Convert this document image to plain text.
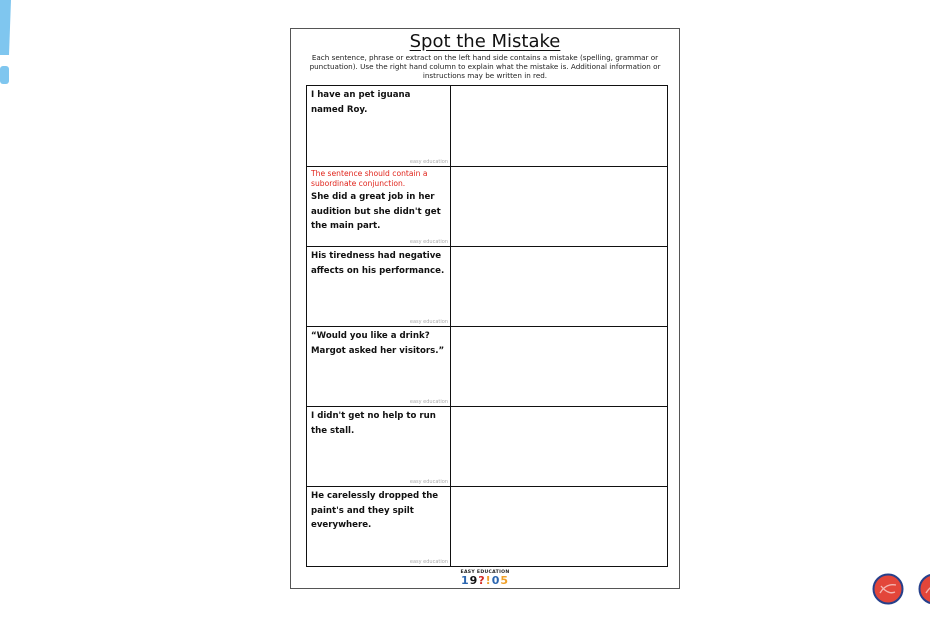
Spot the Mistake
Each sentence, phrase or extract on the left hand side contains a mistake (spelling, grammar or punctuation). Use the right hand column to explain what the mistake is. Additional information or instructions may be written in red.
I have an pet iguana named Roy.
easy education
The sentence should contain a subordinate conjunction.
She did a great job in her audition but she didn't get the main part.
easy education
His tiredness had negative affects on his performance.
easy education
“Would you like a drink? Margot asked her visitors.”
easy education
I didn't get no help to run the stall.
easy education
He carelessly dropped the paint's and they spilt everywhere.
easy education
EASY EDUCATION
19?!05
